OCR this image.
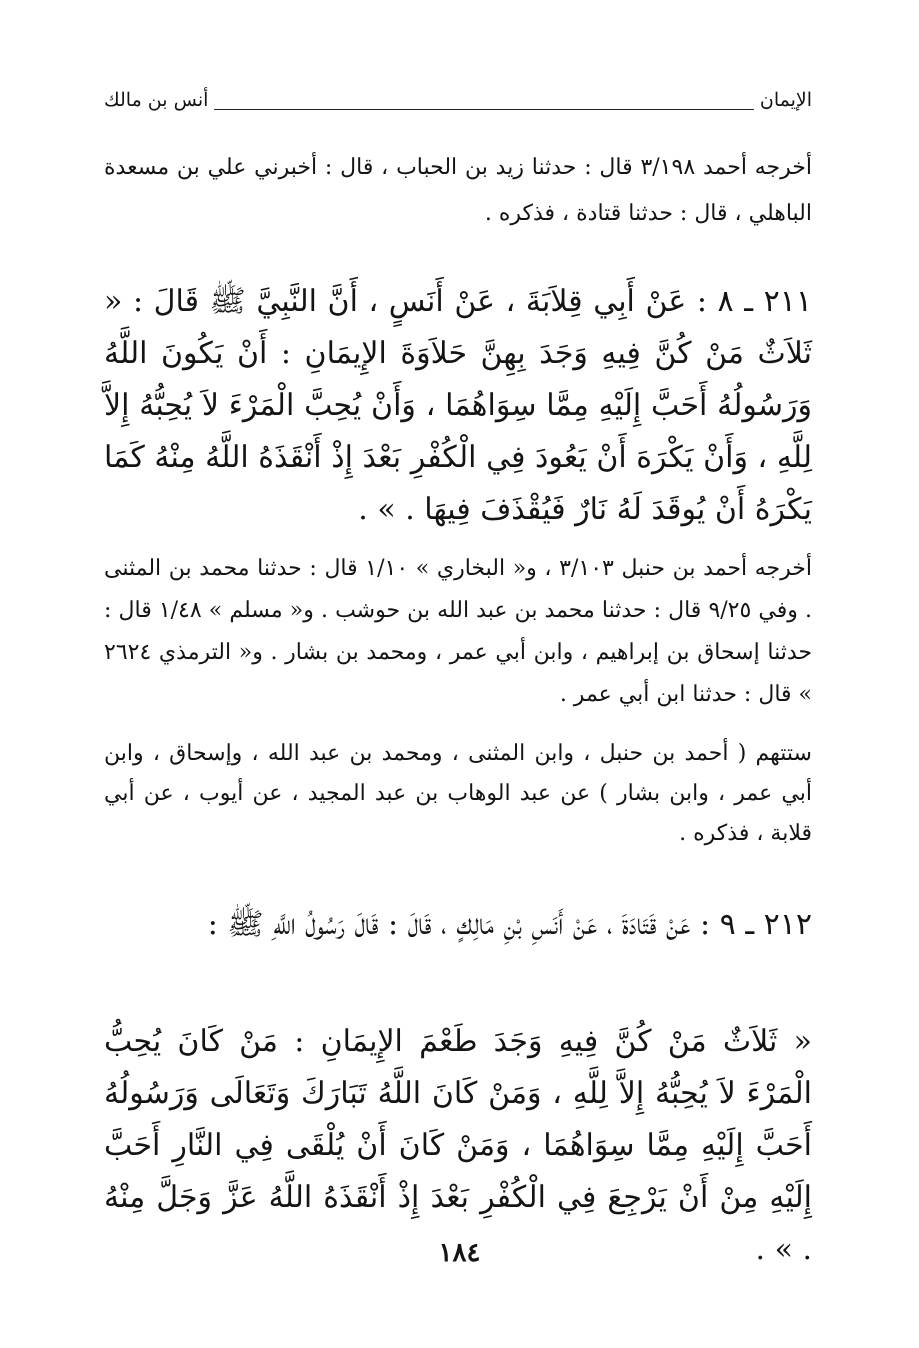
الإيمان
أنس بن مالك

أخرجه أحمد ٣/١٩٨ قال : حدثنا زيد بن الحباب ، قال : أخبرني علي بن مسعدة الباهلي ، قال : حدثنا قتادة ، فذكره .

٢١١ ـ ٨ : عَنْ أَبِي قِلاَبَةَ ، عَنْ أَنَسٍ ، أَنَّ النَّبِيَّ ﷺ قَالَ : « ثَلاَثٌ مَنْ كُنَّ فِيهِ وَجَدَ بِهِنَّ حَلاَوَةَ الإِيمَانِ : أَنْ يَكُونَ اللَّهُ وَرَسُولُهُ أَحَبَّ إِلَيْهِ مِمَّا سِوَاهُمَا ، وَأَنْ يُحِبَّ الْمَرْءَ لاَ يُحِبُّهُ إِلاَّ لِلَّهِ ، وَأَنْ يَكْرَهَ أَنْ يَعُودَ فِي الْكُفْرِ بَعْدَ إِذْ أَنْقَذَهُ اللَّهُ مِنْهُ كَمَا يَكْرَهُ أَنْ يُوقَدَ لَهُ نَارٌ فَيُقْذَفَ فِيهَا . » .

أخرجه أحمد بن حنبل ٣/١٠٣ ، و« البخاري » ١/١٠ قال : حدثنا محمد بن المثنى . وفي ٩/٢٥ قال : حدثنا محمد بن عبد الله بن حوشب . و« مسلم » ١/٤٨ قال : حدثنا إسحاق بن إبراهيم ، وابن أبي عمر ، ومحمد بن بشار . و« الترمذي ٢٦٢٤ » قال : حدثنا ابن أبي عمر .

ستتهم ( أحمد بن حنبل ، وابن المثنى ، ومحمد بن عبد الله ، وإسحاق ، وابن أبي عمر ، وابن بشار ) عن عبد الوهاب بن عبد المجيد ، عن أيوب ، عن أبي قلابة ، فذكره .

٢١٢ ـ ٩ : عَنْ قَتَادَةَ ، عَنْ أَنَسِ بْنِ مَالِكٍ ، قَالَ : قَالَ رَسُولُ اللَّهِ ﷺ :

« ثَلاَثٌ مَنْ كُنَّ فِيهِ وَجَدَ طَعْمَ الإِيمَانِ : مَنْ كَانَ يُحِبُّ الْمَرْءَ لاَ يُحِبُّهُ إِلاَّ لِلَّهِ ، وَمَنْ كَانَ اللَّهُ تَبَارَكَ وَتَعَالَى وَرَسُولُهُ أَحَبَّ إِلَيْهِ مِمَّا سِوَاهُمَا ، وَمَنْ كَانَ أَنْ يُلْقَى فِي النَّارِ أَحَبَّ إِلَيْهِ مِنْ أَنْ يَرْجِعَ فِي الْكُفْرِ بَعْدَ إِذْ أَنْقَذَهُ اللَّهُ عَزَّ وَجَلَّ مِنْهُ . » .

١٨٤
